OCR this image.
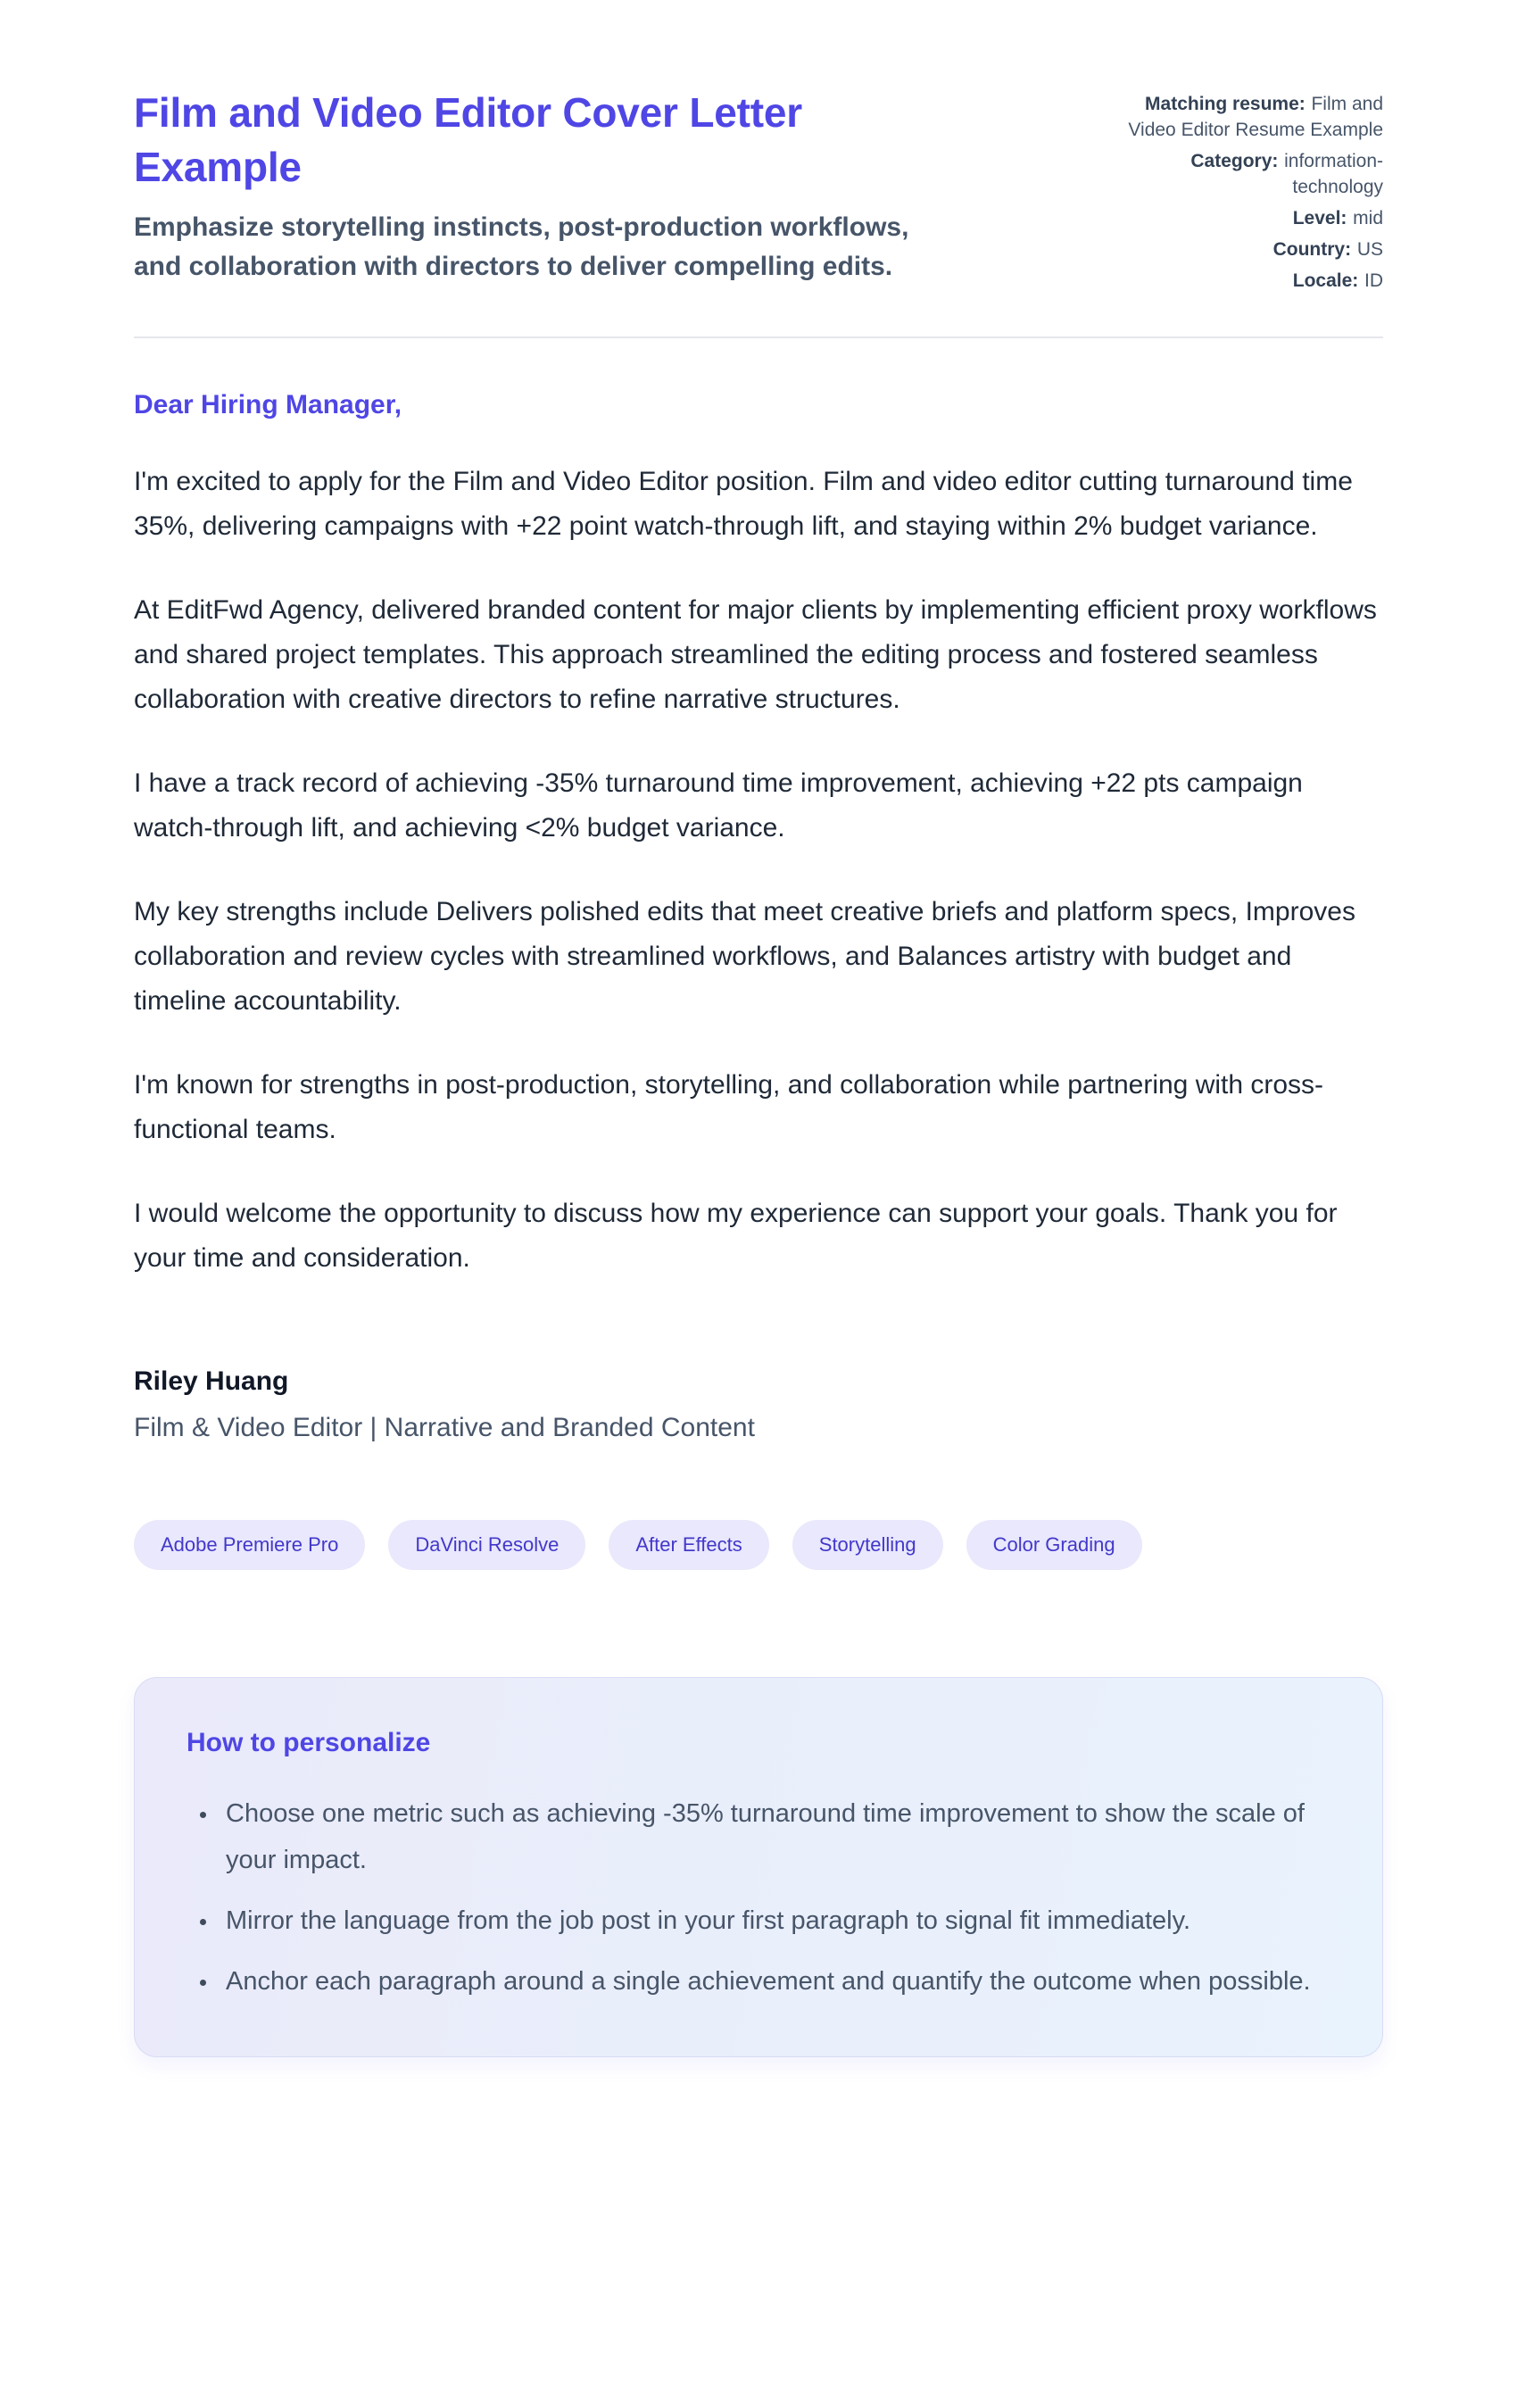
Film and Video Editor Cover Letter Example

Emphasize storytelling instincts, post-production workflows, and collaboration with directors to deliver compelling edits.

Matching resume: Film and Video Editor Resume Example
Category: information-technology
Level: mid
Country: US
Locale: ID

Dear Hiring Manager,

I'm excited to apply for the Film and Video Editor position. Film and video editor cutting turnaround time 35%, delivering campaigns with +22 point watch-through lift, and staying within 2% budget variance.

At EditFwd Agency, delivered branded content for major clients by implementing efficient proxy workflows and shared project templates. This approach streamlined the editing process and fostered seamless collaboration with creative directors to refine narrative structures.

I have a track record of achieving -35% turnaround time improvement, achieving +22 pts campaign watch-through lift, and achieving <2% budget variance.

My key strengths include Delivers polished edits that meet creative briefs and platform specs, Improves collaboration and review cycles with streamlined workflows, and Balances artistry with budget and timeline accountability.

I'm known for strengths in post-production, storytelling, and collaboration while partnering with cross-functional teams.

I would welcome the opportunity to discuss how my experience can support your goals. Thank you for your time and consideration.

Riley Huang

Film & Video Editor | Narrative and Branded Content

Adobe Premiere Pro	DaVinci Resolve	After Effects	Storytelling	Color Grading
How to personalize
• Choose one metric such as achieving -35% turnaround time improvement to show the scale of your impact.
• Mirror the language from the job post in your first paragraph to signal fit immediately.
• Anchor each paragraph around a single achievement and quantify the outcome when possible.
